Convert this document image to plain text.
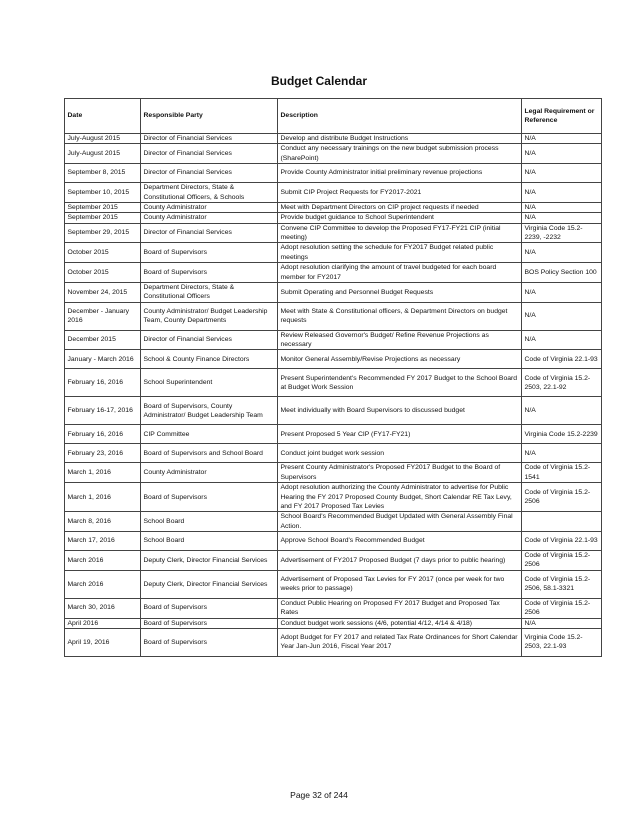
Budget Calendar
Date	Responsible Party	Description	Legal Requirement or Reference
July-August 2015	Director of Financial Services	Develop and distribute Budget Instructions	N/A
July-August 2015	Director of Financial Services	Conduct any necessary trainings on the new budget submission process (SharePoint)	N/A
September 8, 2015	Director of Financial Services	Provide County Administrator initial preliminary revenue projections	N/A
September 10, 2015	Department Directors, State & Constitutional Officers, & Schools	Submit CIP Project Requests for FY2017-2021	N/A
September 2015	County Administrator	Meet with Department Directors on CIP project requests if needed	N/A
September 2015	County Administrator	Provide budget guidance to School Superintendent	N/A
September 29, 2015	Director of Financial Services	Convene CIP Committee to develop the Proposed FY17-FY21 CIP (initial meeting)	Virginia Code 15.2-2239, -2232
October 2015	Board of Supervisors	Adopt resolution setting the schedule for FY2017 Budget related public meetings	N/A
October 2015	Board of Supervisors	Adopt resolution clarifying the amount of travel budgeted for each board member for FY2017	BOS Policy Section 100
November 24, 2015	Department Directors, State & Constitutional Officers	Submit Operating and Personnel Budget Requests	N/A
December - January 2016	County Administrator/ Budget Leadership Team, County Departments	Meet with State & Constitutional officers, & Department Directors on budget requests	N/A
December 2015	Director of Financial Services	Review Released Governor's Budget/ Refine Revenue Projections as necessary	N/A
January - March 2016	School & County Finance Directors	Monitor General Assembly/Revise Projections as necessary	Code of Virginia 22.1-93
February 16, 2016	School Superintendent	Present Superintendent's Recommended FY 2017 Budget to the School Board at Budget Work Session	Code of Virginia 15.2-2503, 22.1-92
February 16-17, 2016	Board of Supervisors, County Administrator/ Budget Leadership Team	Meet individually with Board Supervisors to discussed budget	N/A
February 16, 2016	CIP Committee	Present Proposed 5 Year CIP (FY17-FY21)	Virginia Code 15.2-2239
February 23, 2016	Board of Supervisors and School Board	Conduct joint budget work session	N/A
March 1, 2016	County Administrator	Present County Administrator's Proposed FY2017 Budget to the Board of Supervisors	Code of Virginia 15.2-1541
March 1, 2016	Board of Supervisors	Adopt resolution authorizing the County Administrator to advertise for Public Hearing the FY 2017 Proposed County Budget, Short Calendar RE Tax Levy, and FY 2017 Proposed Tax Levies	Code of Virginia 15.2-2506
March 8, 2016	School Board	School Board's Recommended Budget Updated with General Assembly Final Action.	
March 17, 2016	School Board	Approve School Board's Recommended Budget	Code of Virginia 22.1-93
March 2016	Deputy Clerk, Director Financial Services	Advertisement of FY2017 Proposed Budget (7 days prior to public hearing)	Code of Virginia 15.2-2506
March 2016	Deputy Clerk, Director Financial Services	Advertisement of Proposed Tax Levies for FY 2017 (once per week for two weeks prior to passage)	Code of Virginia 15.2-2506, 58.1-3321
March 30, 2016	Board of Supervisors	Conduct Public Hearing on Proposed FY 2017 Budget and Proposed Tax Rates	Code of Virginia 15.2-2506
April 2016	Board of Supervisors	Conduct budget work sessions (4/6, potential 4/12, 4/14 & 4/18)	N/A
April 19, 2016	Board of Supervisors	Adopt Budget for FY 2017 and related Tax Rate Ordinances for Short Calendar Year Jan-Jun 2016, Fiscal Year 2017	Virginia Code 15.2-2503, 22.1-93
Page 32 of 244
